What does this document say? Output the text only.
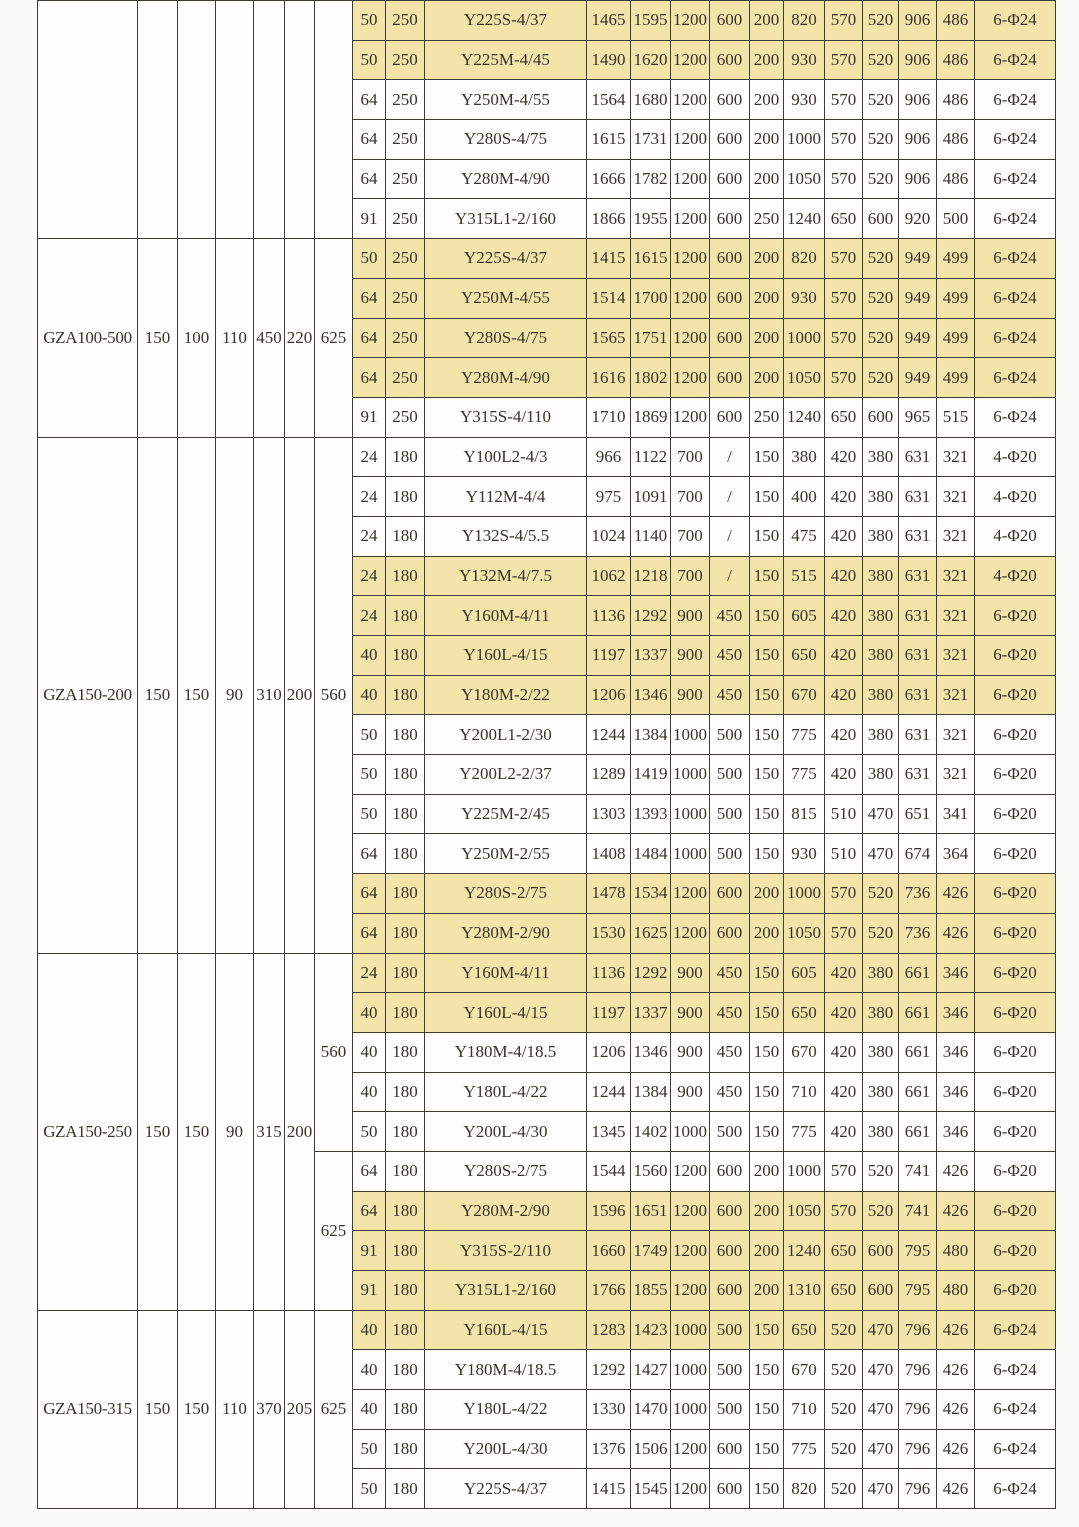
							50	250	Y225S-4/37	1465	1595	1200	600	200	820	570	520	906	486	6-Φ24
							50	250	Y225M-4/45	1490	1620	1200	600	200	930	570	520	906	486	6-Φ24
							64	250	Y250M-4/55	1564	1680	1200	600	200	930	570	520	906	486	6-Φ24
							64	250	Y280S-4/75	1615	1731	1200	600	200	1000	570	520	906	486	6-Φ24
							64	250	Y280M-4/90	1666	1782	1200	600	200	1050	570	520	906	486	6-Φ24
							91	250	Y315L1-2/160	1866	1955	1200	600	250	1240	650	600	920	500	6-Φ24
GZA100-500	150	100	110	450	220	625	50	250	Y225S-4/37	1415	1615	1200	600	200	820	570	520	949	499	6-Φ24
							64	250	Y250M-4/55	1514	1700	1200	600	200	930	570	520	949	499	6-Φ24
							64	250	Y280S-4/75	1565	1751	1200	600	200	1000	570	520	949	499	6-Φ24
							64	250	Y280M-4/90	1616	1802	1200	600	200	1050	570	520	949	499	6-Φ24
							91	250	Y315S-4/110	1710	1869	1200	600	250	1240	650	600	965	515	6-Φ24
GZA150-200	150	150	90	310	200	560	24	180	Y100L2-4/3	966	1122	700	/	150	380	420	380	631	321	4-Φ20
							24	180	Y112M-4/4	975	1091	700	/	150	400	420	380	631	321	4-Φ20
							24	180	Y132S-4/5.5	1024	1140	700	/	150	475	420	380	631	321	4-Φ20
							24	180	Y132M-4/7.5	1062	1218	700	/	150	515	420	380	631	321	4-Φ20
							24	180	Y160M-4/11	1136	1292	900	450	150	605	420	380	631	321	6-Φ20
							40	180	Y160L-4/15	1197	1337	900	450	150	650	420	380	631	321	6-Φ20
							40	180	Y180M-2/22	1206	1346	900	450	150	670	420	380	631	321	6-Φ20
							50	180	Y200L1-2/30	1244	1384	1000	500	150	775	420	380	631	321	6-Φ20
							50	180	Y200L2-2/37	1289	1419	1000	500	150	775	420	380	631	321	6-Φ20
							50	180	Y225M-2/45	1303	1393	1000	500	150	815	510	470	651	341	6-Φ20
							64	180	Y250M-2/55	1408	1484	1000	500	150	930	510	470	674	364	6-Φ20
							64	180	Y280S-2/75	1478	1534	1200	600	200	1000	570	520	736	426	6-Φ20
							64	180	Y280M-2/90	1530	1625	1200	600	200	1050	570	520	736	426	6-Φ20
GZA150-250	150	150	90	315	200	560	24	180	Y160M-4/11	1136	1292	900	450	150	605	420	380	661	346	6-Φ20
							40	180	Y160L-4/15	1197	1337	900	450	150	650	420	380	661	346	6-Φ20
							40	180	Y180M-4/18.5	1206	1346	900	450	150	670	420	380	661	346	6-Φ20
							40	180	Y180L-4/22	1244	1384	900	450	150	710	420	380	661	346	6-Φ20
							50	180	Y200L-4/30	1345	1402	1000	500	150	775	420	380	661	346	6-Φ20
						625	64	180	Y280S-2/75	1544	1560	1200	600	200	1000	570	520	741	426	6-Φ20
							64	180	Y280M-2/90	1596	1651	1200	600	200	1050	570	520	741	426	6-Φ20
							91	180	Y315S-2/110	1660	1749	1200	600	200	1240	650	600	795	480	6-Φ20
							91	180	Y315L1-2/160	1766	1855	1200	600	200	1310	650	600	795	480	6-Φ20
GZA150-315	150	150	110	370	205	625	40	180	Y160L-4/15	1283	1423	1000	500	150	650	520	470	796	426	6-Φ24
							40	180	Y180M-4/18.5	1292	1427	1000	500	150	670	520	470	796	426	6-Φ24
							40	180	Y180L-4/22	1330	1470	1000	500	150	710	520	470	796	426	6-Φ24
							50	180	Y200L-4/30	1376	1506	1200	600	150	775	520	470	796	426	6-Φ24
							50	180	Y225S-4/37	1415	1545	1200	600	150	820	520	470	796	426	6-Φ24
